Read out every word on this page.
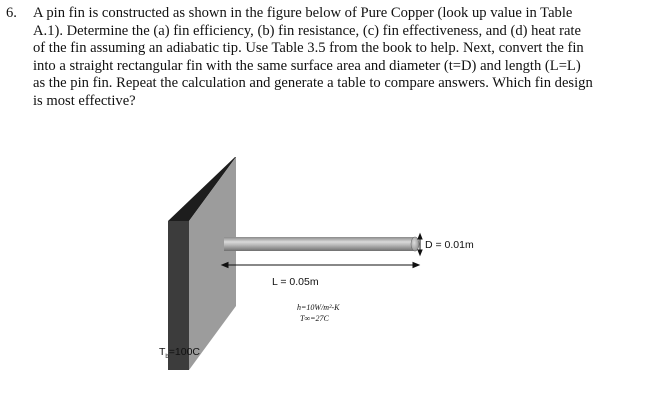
6.	A pin fin is constructed as shown in the figure below of Pure Copper (look up value in Table
A.1). Determine the (a) fin efficiency, (b) fin resistance, (c) fin effectiveness, and (d) heat rate
of the fin assuming an adiabatic tip. Use Table 3.5 from the book to help. Next, convert the fin
into a straight rectangular fin with the same surface area and diameter (t=D) and length (L=L)
as the pin fin. Repeat the calculation and generate a table to compare answers. Which fin design
is most effective?
L = 0.05m
D = 0.01m
h=10W/m²-K
T∞=27C
$T_b=100C$
